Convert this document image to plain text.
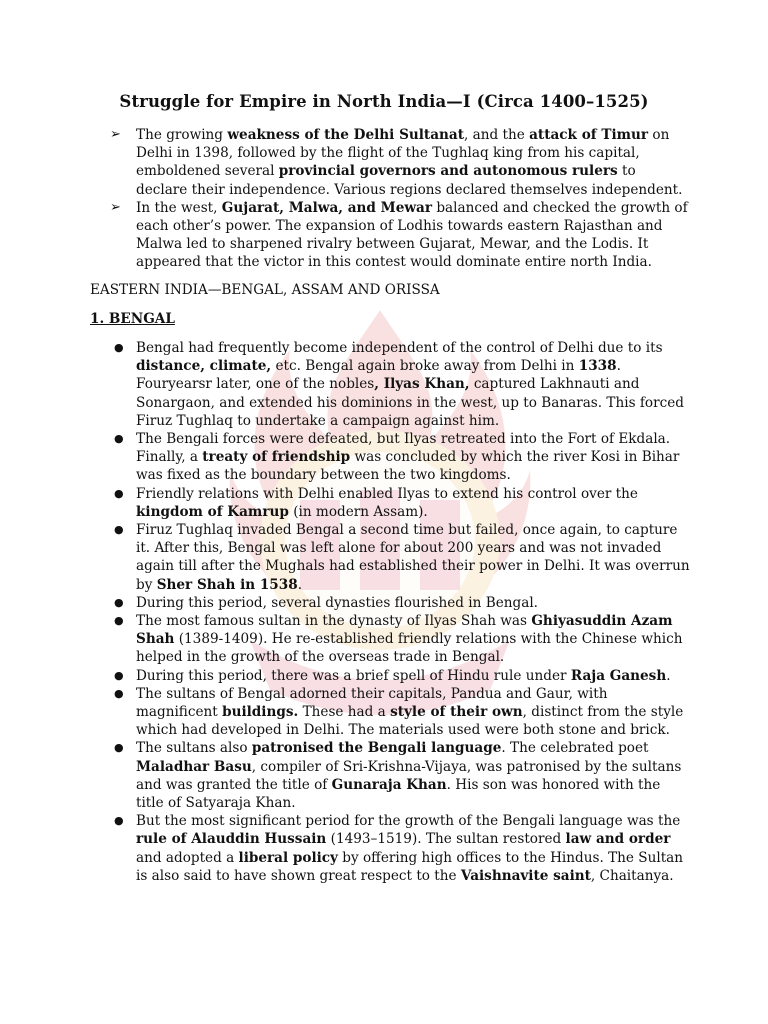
Struggle for Empire in North India—I (Circa 1400–1525)
➢ The growing weakness of the Delhi Sultanat, and the attack of Timur on Delhi in 1398, followed by the flight of the Tughlaq king from his capital, emboldened several provincial governors and autonomous rulers to declare their independence. Various regions declared themselves independent.
➢ In the west, Gujarat, Malwa, and Mewar balanced and checked the growth of each other’s power. The expansion of Lodhis towards eastern Rajasthan and Malwa led to sharpened rivalry between Gujarat, Mewar, and the Lodis. It appeared that the victor in this contest would dominate entire north India.

EASTERN INDIA—BENGAL, ASSAM AND ORISSA

1. BENGAL

● Bengal had frequently become independent of the control of Delhi due to its distance, climate, etc. Bengal again broke away from Delhi in 1338. Fouryearsr later, one of the nobles, Ilyas Khan, captured Lakhnauti and Sonargaon, and extended his dominions in the west, up to Banaras. This forced Firuz Tughlaq to undertake a campaign against him.
● The Bengali forces were defeated, but Ilyas retreated into the Fort of Ekdala. Finally, a treaty of friendship was concluded by which the river Kosi in Bihar was fixed as the boundary between the two kingdoms.
● Friendly relations with Delhi enabled Ilyas to extend his control over the kingdom of Kamrup (in modern Assam).
● Firuz Tughlaq invaded Bengal a second time but failed, once again, to capture it. After this, Bengal was left alone for about 200 years and was not invaded again till after the Mughals had established their power in Delhi. It was overrun by Sher Shah in 1538.
● During this period, several dynasties flourished in Bengal.
● The most famous sultan in the dynasty of Ilyas Shah was Ghiyasuddin Azam Shah (1389-1409). He re-established friendly relations with the Chinese which helped in the growth of the overseas trade in Bengal.
● During this period, there was a brief spell of Hindu rule under Raja Ganesh.
● The sultans of Bengal adorned their capitals, Pandua and Gaur, with magnificent buildings. These had a style of their own, distinct from the style which had developed in Delhi. The materials used were both stone and brick.
● The sultans also patronised the Bengali language. The celebrated poet Maladhar Basu, compiler of Sri-Krishna-Vijaya, was patronised by the sultans and was granted the title of Gunaraja Khan. His son was honored with the title of Satyaraja Khan.
● But the most significant period for the growth of the Bengali language was the rule of Alauddin Hussain (1493–1519). The sultan restored law and order and adopted a liberal policy by offering high offices to the Hindus. The Sultan is also said to have shown great respect to the Vaishnavite saint, Chaitanya.
